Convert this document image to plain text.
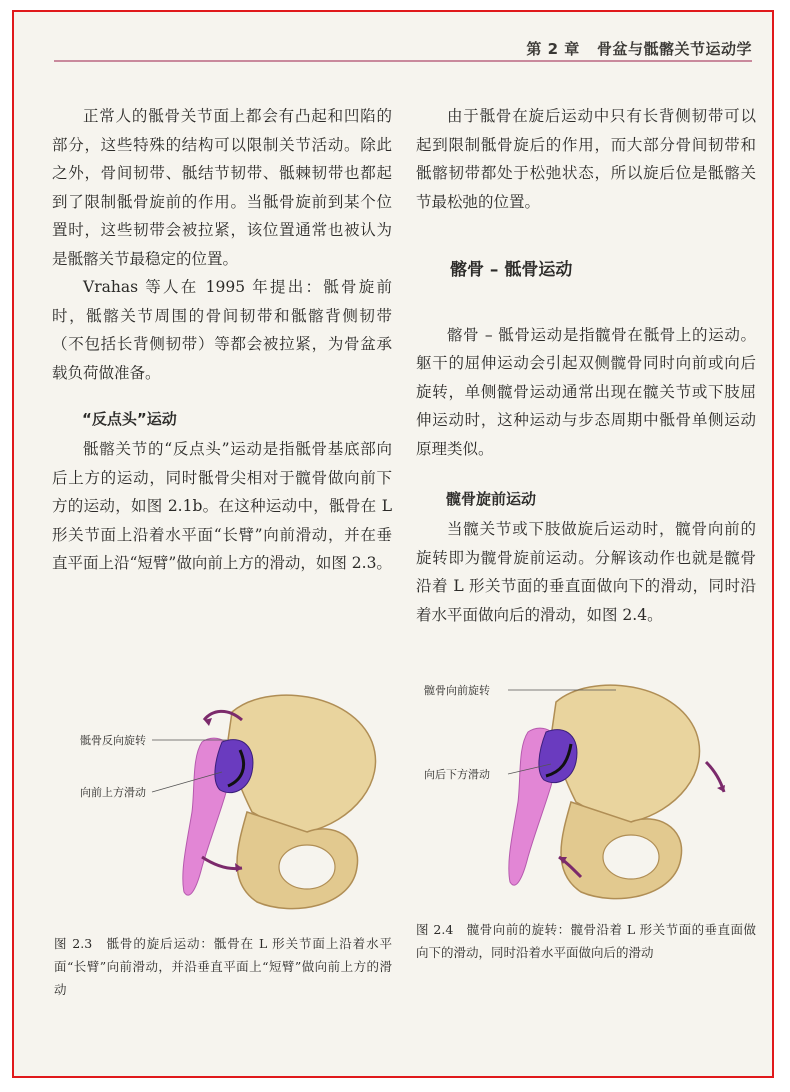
第 2 章 骨盆与骶髂关节运动学

正常人的骶骨关节面上都会有凸起和凹陷的部分，这些特殊的结构可以限制关节活动。除此之外，骨间韧带、骶结节韧带、骶棘韧带也都起到了限制骶骨旋前的作用。当骶骨旋前到某个位置时，这些韧带会被拉紧，该位置通常也被认为是骶髂关节最稳定的位置。

Vrahas 等人在 1995 年提出：骶骨旋前时，骶髂关节周围的骨间韧带和骶髂背侧韧带（不包括长背侧韧带）等都会被拉紧，为骨盆承载负荷做准备。

“反点头”运动

骶髂关节的“反点头”运动是指骶骨基底部向后上方的运动，同时骶骨尖相对于髋骨做向前下方的运动，如图 2.1b。在这种运动中，骶骨在 L 形关节面上沿着水平面“长臂”向前滑动，并在垂直平面上沿“短臂”做向前上方的滑动，如图 2.3。

由于骶骨在旋后运动中只有长背侧韧带可以起到限制骶骨旋后的作用，而大部分骨间韧带和骶髂韧带都处于松弛状态，所以旋后位是骶髂关节最松弛的位置。

髂骨 – 骶骨运动

髂骨 – 骶骨运动是指髋骨在骶骨上的运动。躯干的屈伸运动会引起双侧髋骨同时向前或向后旋转，单侧髋骨运动通常出现在髋关节或下肢屈伸运动时，这种运动与步态周期中骶骨单侧运动原理类似。

髋骨旋前运动

当髋关节或下肢做旋后运动时，髋骨向前的旋转即为髋骨旋前运动。分解该动作也就是髋骨沿着 L 形关节面的垂直面做向下的滑动，同时沿着水平面做向后的滑动，如图 2.4。

骶骨反向旋转
向前上方滑动
图 2.3　骶骨的旋后运动：骶骨在 L 形关节面上沿着水平面“长臂”向前滑动，并沿垂直平面上“短臂”做向前上方的滑动
髋骨向前旋转
向后下方滑动
图 2.4　髋骨向前的旋转：髋骨沿着 L 形关节面的垂直面做向下的滑动，同时沿着水平面做向后的滑动
